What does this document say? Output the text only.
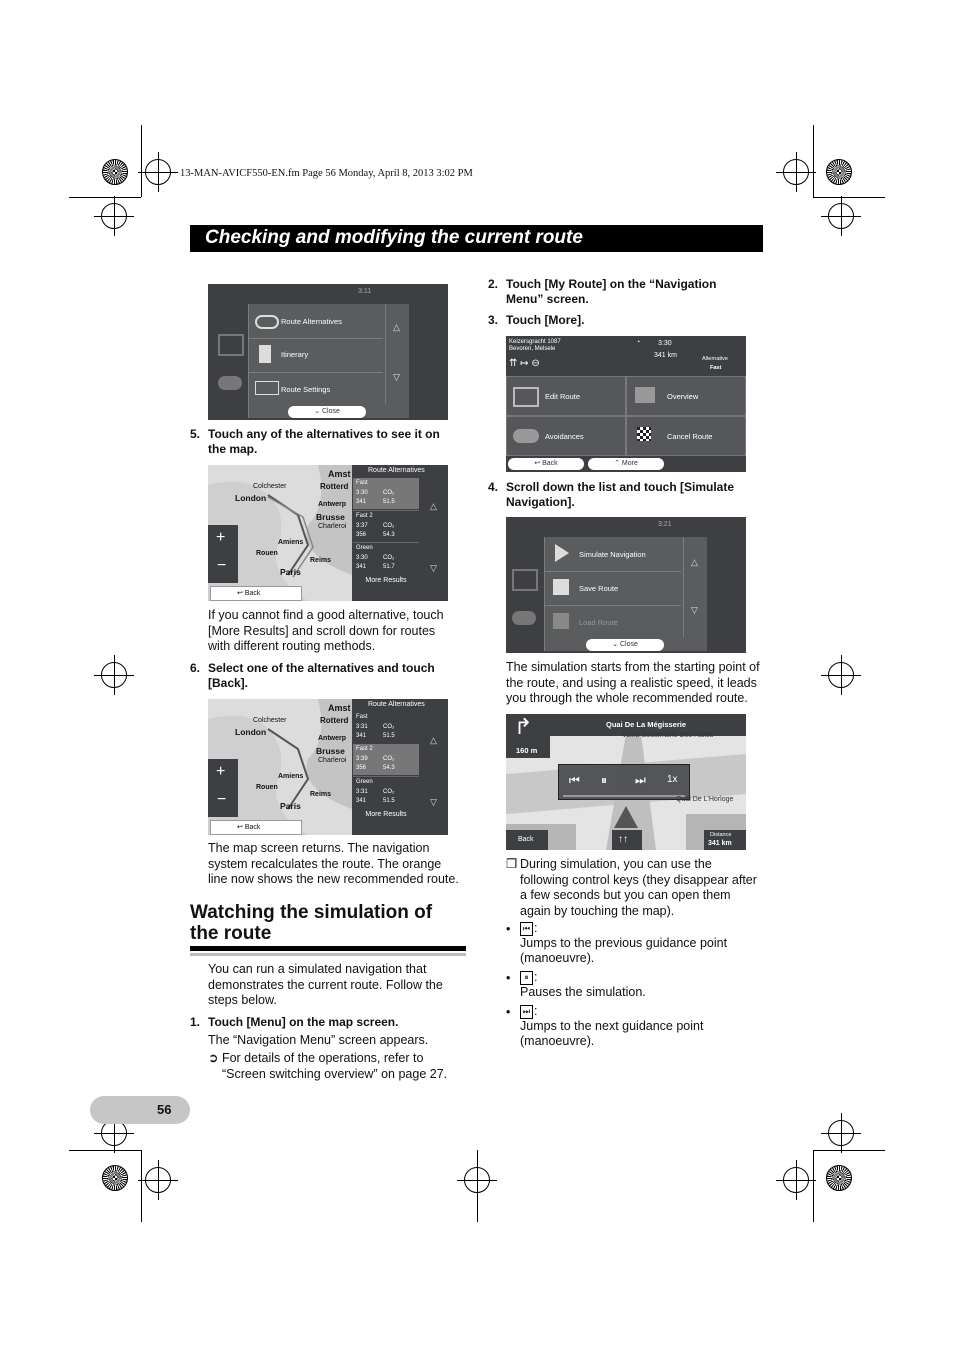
13-MAN-AVICF550-EN.fm Page 56 Monday, April 8, 2013 3:02 PM
Checking and modifying the current route
3:11
Route Alternatives
Itinerary
Route Settings
△
▽
⌄ Close
5. Touch any of the alternatives to see it on
the map.
+
−
Colchester
London
Amst
Rotterd
Antwerp
Brusse
Charleroi
Amiens
Rouen
Reims
Paris
↩ Back
Route Alternatives
Fast
3:30
341
CO₂
51.5
Fast 2
3:37
356
CO₂
54.3
Green
3:30
341
CO₂
51.7
More Results
△
▽
If you cannot find a good alternative, touch
[More Results] and scroll down for routes
with different routing methods.
6. Select one of the alternatives and touch
[Back].
+
−
Colchester
London
Amst
Rotterd
Antwerp
Brusse
Charleroi
Amiens
Rouen
Reims
Paris
↩ Back
Route Alternatives
Fast
3:31
341
CO₂
51.5
Fast 2
3:39
356
CO₂
54.3
Green
3:31
341
CO₂
51.5
More Results
△
▽
The map screen returns. The navigation
system recalculates the route. The orange
line now shows the new recommended route.
Watching the simulation of
the route
You can run a simulated navigation that
demonstrates the current route. Follow the
steps below.
1. Touch [Menu] on the map screen.
The “Navigation Menu” screen appears.
➲ For details of the operations, refer to
“Screen switching overview” on page 27.
2. Touch [My Route] on the “Navigation
Menu” screen.
3. Touch [More].
Keizersgracht 1087
Bevoren, Melsele
⇈ ↦ ⊖
◔	3:30
341 km	Alternative
Fast
Edit Route	Overview
Avoidances	Cancel Route
↩ Back	⌃ More
4. Scroll down the list and touch [Simulate
Navigation].
3:21
Simulate Navigation
Save Route
Load Route
△
▽
⌄ Close
The simulation starts from the starting point of
the route, and using a realistic speed, it leads
you through the whole recommended route.
↱
160 m
Quai De La Mégisserie
Voirie Souterraine Des Halles
⏮ ⏸ ⏭ 1x
Quai De L'Horloge
Back	↑↑	Distance
341 km
❒ During simulation, you can use the
following control keys (they disappear after
a few seconds but you can open them
again by touching the map).
•	⏮ :
Jumps to the previous guidance point
(manoeuvre).
•	⏸ :
Pauses the simulation.
•	⏭ :
Jumps to the next guidance point
(manoeuvre).
56
